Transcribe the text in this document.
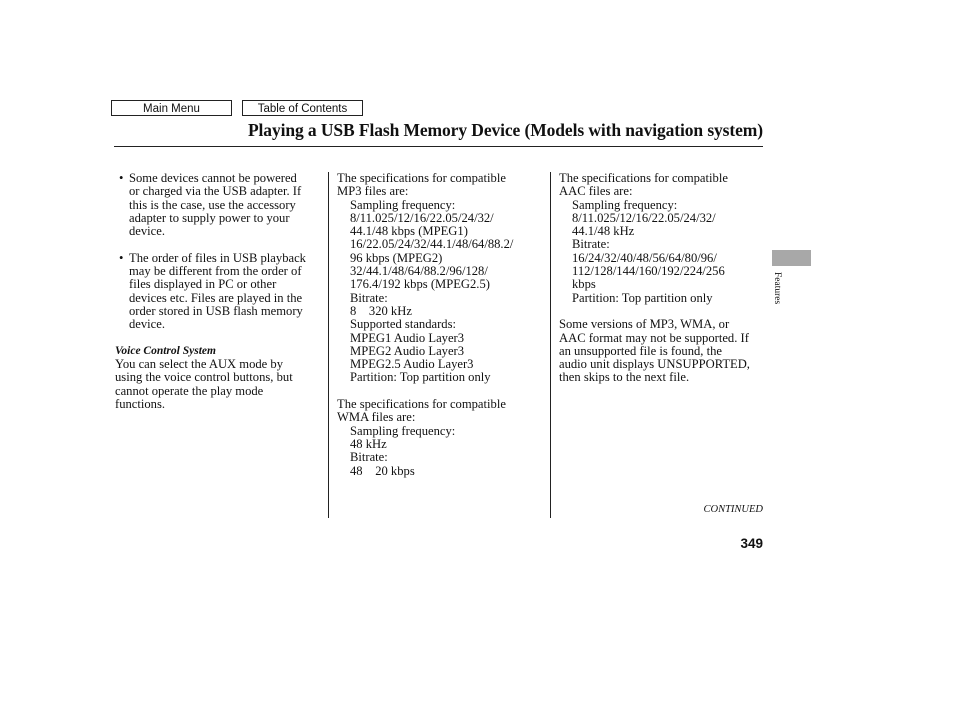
Main Menu	Table of Contents
Playing a USB Flash Memory Device (Models with navigation system)
• Some devices cannot be powered

or charged via the USB adapter. If

this is the case, use the accessory

adapter to supply power to your

device.

• The order of files in USB playback

may be different from the order of

files displayed in PC or other

devices etc. Files are played in the

order stored in USB flash memory

device.

Voice Control System

You can select the AUX mode by

using the voice control buttons, but

cannot operate the play mode

functions.

The specifications for compatible

MP3 files are:

Sampling frequency:

8/11.025/12/16/22.05/24/32/

44.1/48 kbps (MPEG1)

16/22.05/24/32/44.1/48/64/88.2/

96 kbps (MPEG2)

32/44.1/48/64/88.2/96/128/

176.4/192 kbps (MPEG2.5)

Bitrate:

8    320 kHz

Supported standards:

MPEG1 Audio Layer3

MPEG2 Audio Layer3

MPEG2.5 Audio Layer3

Partition: Top partition only

The specifications for compatible

WMA files are:

Sampling frequency:

48 kHz

Bitrate:

48    20 kbps

The specifications for compatible

AAC files are:

Sampling frequency:

8/11.025/12/16/22.05/24/32/

44.1/48 kHz

Bitrate:

16/24/32/40/48/56/64/80/96/

112/128/144/160/192/224/256

kbps

Partition: Top partition only

Some versions of MP3, WMA, or

AAC format may not be supported. If

an unsupported file is found, the

audio unit displays UNSUPPORTED,

then skips to the next file.

Features
CONTINUED
349
